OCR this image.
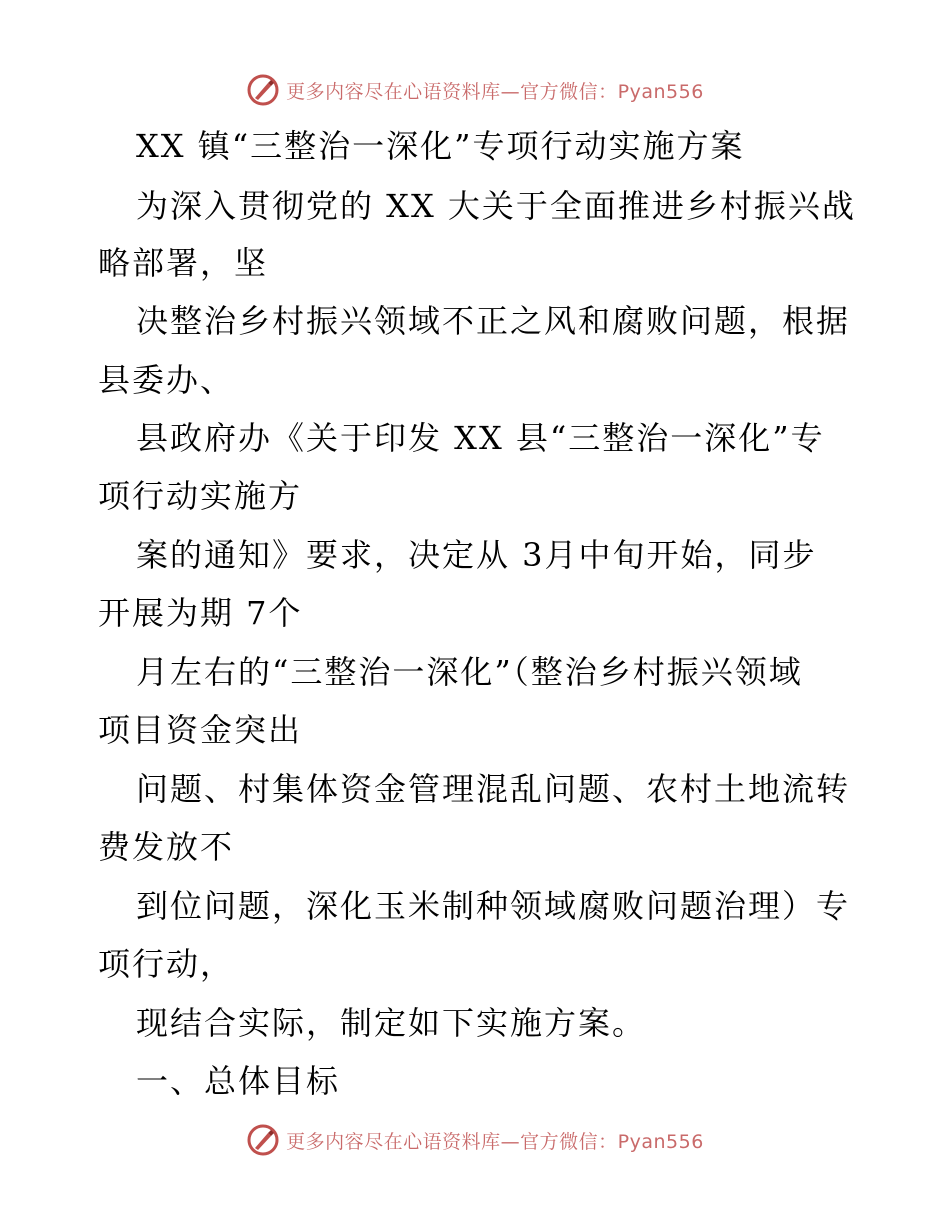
更多内容尽在心语资料库—官方微信：Pyan556
XX 镇“三整治一深化”专项行动实施方案
为深入贯彻党的 XX 大关于全面推进乡村振兴战
略部署，坚
决整治乡村振兴领域不正之风和腐败问题，根据
县委办、
县政府办《关于印发 XX 县“三整治一深化”专
项行动实施方
案的通知》要求，决定从 3月中旬开始，同步
开展为期 7个
月左右的“三整治一深化”（整治乡村振兴领域
项目资金突出
问题、村集体资金管理混乱问题、农村土地流转
费发放不
到位问题，深化玉米制种领域腐败问题治理）专
项行动，
现结合实际，制定如下实施方案。
一、总体目标
更多内容尽在心语资料库—官方微信：Pyan556
